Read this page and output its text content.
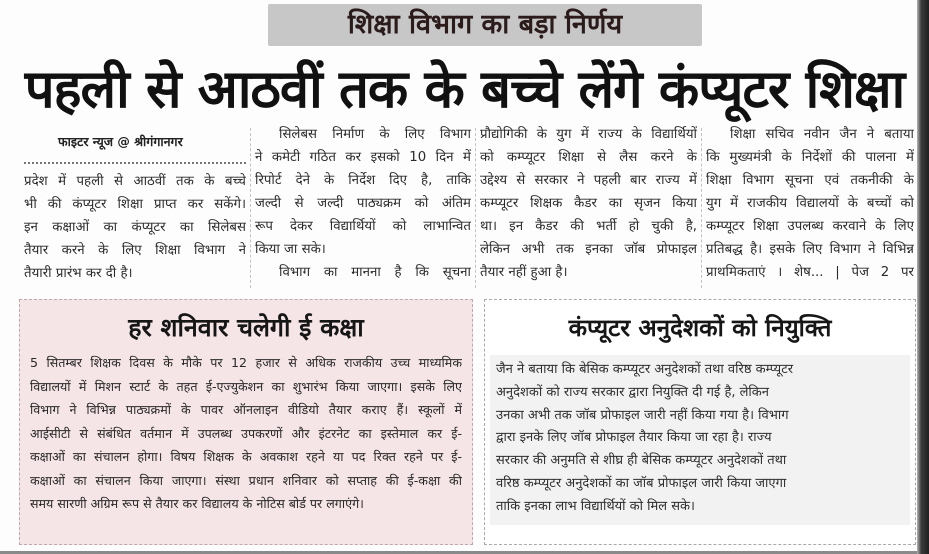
शिक्षा विभाग का बड़ा निर्णय
पहली से आठवीं तक के बच्चे लेंगे कंप्यूटर शिक्षा
फाइटर न्यूज @ श्रीगंगानगर
प्रदेश में पहली से आठवीं तक के बच्चे
भी की कंप्यूटर शिक्षा प्राप्त कर सकेंगे।
इन कक्षाओं का कंप्यूटर का सिलेबस
तैयार करने के लिए शिक्षा विभाग ने
तैयारी प्रारंभ कर दी है।
सिलेबस निर्माण के लिए विभाग
ने कमेटी गठित कर इसको 10 दिन में
रिपोर्ट देने के निर्देश दिए है, ताकि
जल्दी से जल्दी पाठ्यक्रम को अंतिम
रूप देकर विद्यार्थियों को लाभान्वित
किया जा सके।
विभाग का मानना है कि सूचना
प्रौद्योगिकी के युग में राज्य के विद्यार्थियों
को कम्प्यूटर शिक्षा से लैस करने के
उद्देश्य से सरकार ने पहली बार राज्य में
कम्प्यूटर शिक्षक कैडर का सृजन किया
था। इन कैडर की भर्ती हो चुकी है,
लेकिन अभी तक इनका जॉब प्रोफाइल
तैयार नहीं हुआ है।
शिक्षा सचिव नवीन जैन ने बताया
कि मुख्यमंत्री के निर्देशों की पालना में
शिक्षा विभाग सूचना एवं तकनीकी के
युग में राजकीय विद्यालयों के बच्चों को
कम्प्यूटर शिक्षा उपलब्ध करवाने के लिए
प्रतिबद्ध है। इसके लिए विभाग ने विभिन्न
प्राथमिकताएं । शेष... | पेज 2 पर
हर शनिवार चलेगी ई कक्षा
5 सितम्बर शिक्षक दिवस के मौके पर 12 हजार से अधिक राजकीय उच्च माध्यमिक
विद्यालयों में मिशन स्टार्ट के तहत ई-एज्युकेशन का शुभारंभ किया जाएगा। इसके लिए
विभाग ने विभिन्न पाठ्यक्रमों के पावर ऑनलाइन वीडियो तैयार कराए हैं। स्कूलों में
आईसीटी से संबंधित वर्तमान में उपलब्ध उपकरणों और इंटरनेट का इस्तेमाल कर ई-
कक्षाओं का संचालन होगा। विषय शिक्षक के अवकाश रहने या पद रिक्त रहने पर ई-
कक्षाओं का संचालन किया जाएगा। संस्था प्रधान शनिवार को सप्ताह की ई-कक्षा की
समय सारणी अग्रिम रूप से तैयार कर विद्यालय के नोटिस बोर्ड पर लगाएंगे।
कंप्यूटर अनुदेशकों को नियुक्ति
जैन ने बताया कि बेसिक कम्प्यूटर अनुदेशकों तथा वरिष्ठ कम्प्यूटर
अनुदेशकों को राज्य सरकार द्वारा नियुक्ति दी गई है, लेकिन
उनका अभी तक जॉब प्रोफाइल जारी नहीं किया गया है। विभाग
द्वारा इनके लिए जॉब प्रोफाइल तैयार किया जा रहा है। राज्य
सरकार की अनुमति से शीघ्र ही बेसिक कम्प्यूटर अनुदेशकों तथा
वरिष्ठ कम्प्यूटर अनुदेशकों का जॉब प्रोफाइल जारी किया जाएगा
ताकि इनका लाभ विद्यार्थियों को मिल सके।
